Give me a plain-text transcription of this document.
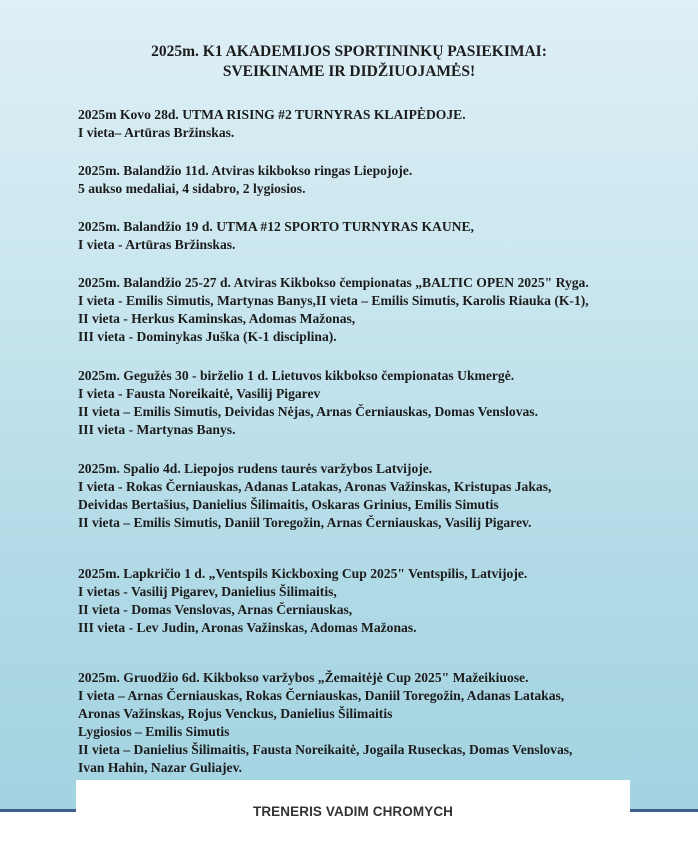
2025m. K1 AKADEMIJOS SPORTININKŲ PASIEKIMAI:
SVEIKINAME IR DIDŽIUOJAMĖS!
2025m Kovo 28d. UTMA RISING #2 TURNYRAS KLAIPĖDOJE.
I vieta– Artūras Bržinskas.
2025m. Balandžio 11d. Atviras kikbokso ringas Liepojoje.
5 aukso medaliai, 4 sidabro, 2 lygiosios.
2025m. Balandžio 19 d. UTMA #12 SPORTO TURNYRAS KAUNE,
I vieta - Artūras Bržinskas.
2025m. Balandžio 25-27 d. Atviras Kikbokso čempionatas „BALTIC OPEN 2025" Ryga.
I vieta - Emilis Simutis, Martynas Banys,II vieta – Emilis Simutis, Karolis Riauka (K-1),
II vieta - Herkus Kaminskas, Adomas Mažonas,
III vieta - Dominykas Juška (K-1 disciplina).
2025m. Gegužės 30 - birželio 1 d. Lietuvos kikbokso čempionatas Ukmergė.
I vieta - Fausta Noreikaitė, Vasilij Pigarev
II vieta – Emilis Simutis, Deividas Nėjas, Arnas Černiauskas, Domas Venslovas.
III vieta - Martynas Banys.
2025m. Spalio 4d. Liepojos rudens taurės varžybos Latvijoje.
I vieta - Rokas Černiauskas, Adanas Latakas, Aronas Važinskas, Kristupas Jakas,
Deividas Bertašius, Danielius Šilimaitis, Oskaras Grinius, Emilis Simutis
II vieta – Emilis Simutis, Daniil Toregožin, Arnas Černiauskas, Vasilij Pigarev.
2025m. Lapkričio 1 d. „Ventspils Kickboxing Cup 2025" Ventspilis, Latvijoje.
I vietas - Vasilij Pigarev, Danielius Šilimaitis,
II vieta - Domas Venslovas, Arnas Černiauskas,
III vieta - Lev Judin, Aronas Važinskas, Adomas Mažonas.
2025m. Gruodžio 6d. Kikbokso varžybos „Žemaitėjė Cup 2025" Mažeikiuose.
I vieta – Arnas Černiauskas, Rokas Černiauskas, Daniil Toregožin, Adanas Latakas,
Aronas Važinskas, Rojus Venckus, Danielius Šilimaitis
Lygiosios – Emilis Simutis
II vieta – Danielius Šilimaitis, Fausta Noreikaitė, Jogaila Ruseckas, Domas Venslovas,
Ivan Hahin, Nazar Guliajev.
TRENERIS VADIM CHROMYCH
